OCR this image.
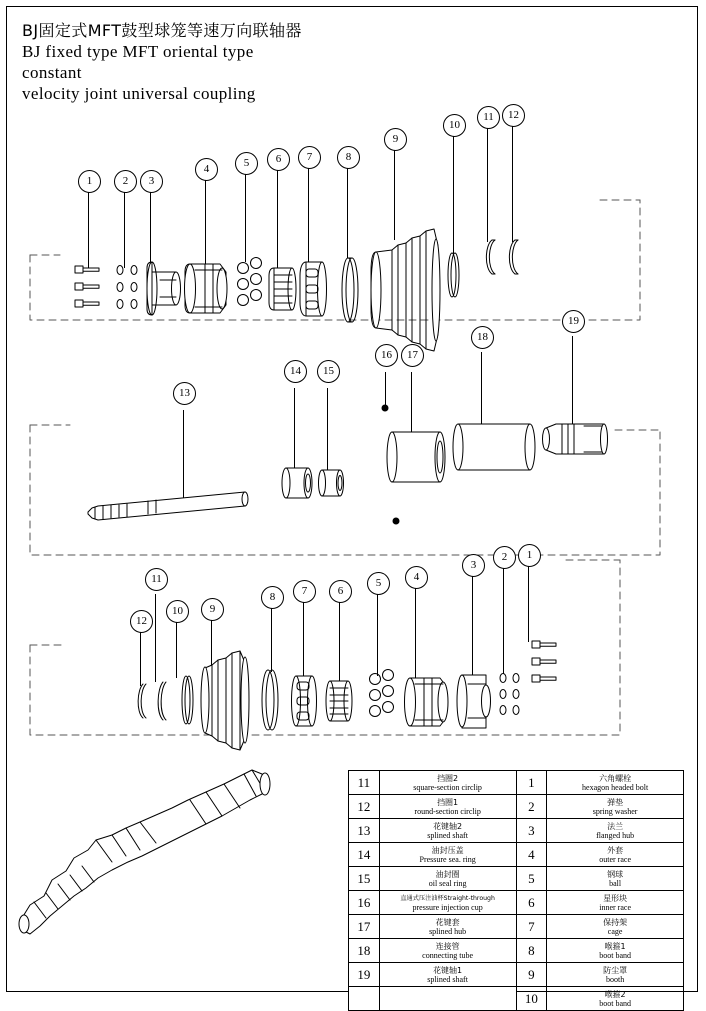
BJ固定式MFT鼓型球笼等速万向联轴器
BJ fixed type MFT oriental type
constant
velocity joint universal coupling
1	2	3
4	5	6	7	8
9
10
11	12
13
14	15
16	17
18
19
12
11
10	9
8	7	6
5	4
3
2	1
11	挡圈2
square-section circlip	1	六角螺栓
hexagon headed bolt

12	挡圈1
round-section circlip	2	弹垫
spring washer

13	花键轴2
splined shaft	3	法兰
flanged hub

14	油封压盖
Pressure sea. ring	4	外套
outer race

15	油封圈
oil seal ring	5	钢球
ball

16	直通式压注油杯Straight-through
pressure injection cup	6	星形块
inner race

17	花键套
splined hub	7	保持架
cage

18	连接管
connecting tube	8	喉箍1
boot band

19	花键轴1
splined shaft	9	防尘罩
booth

	10	喉箍2
boot band
